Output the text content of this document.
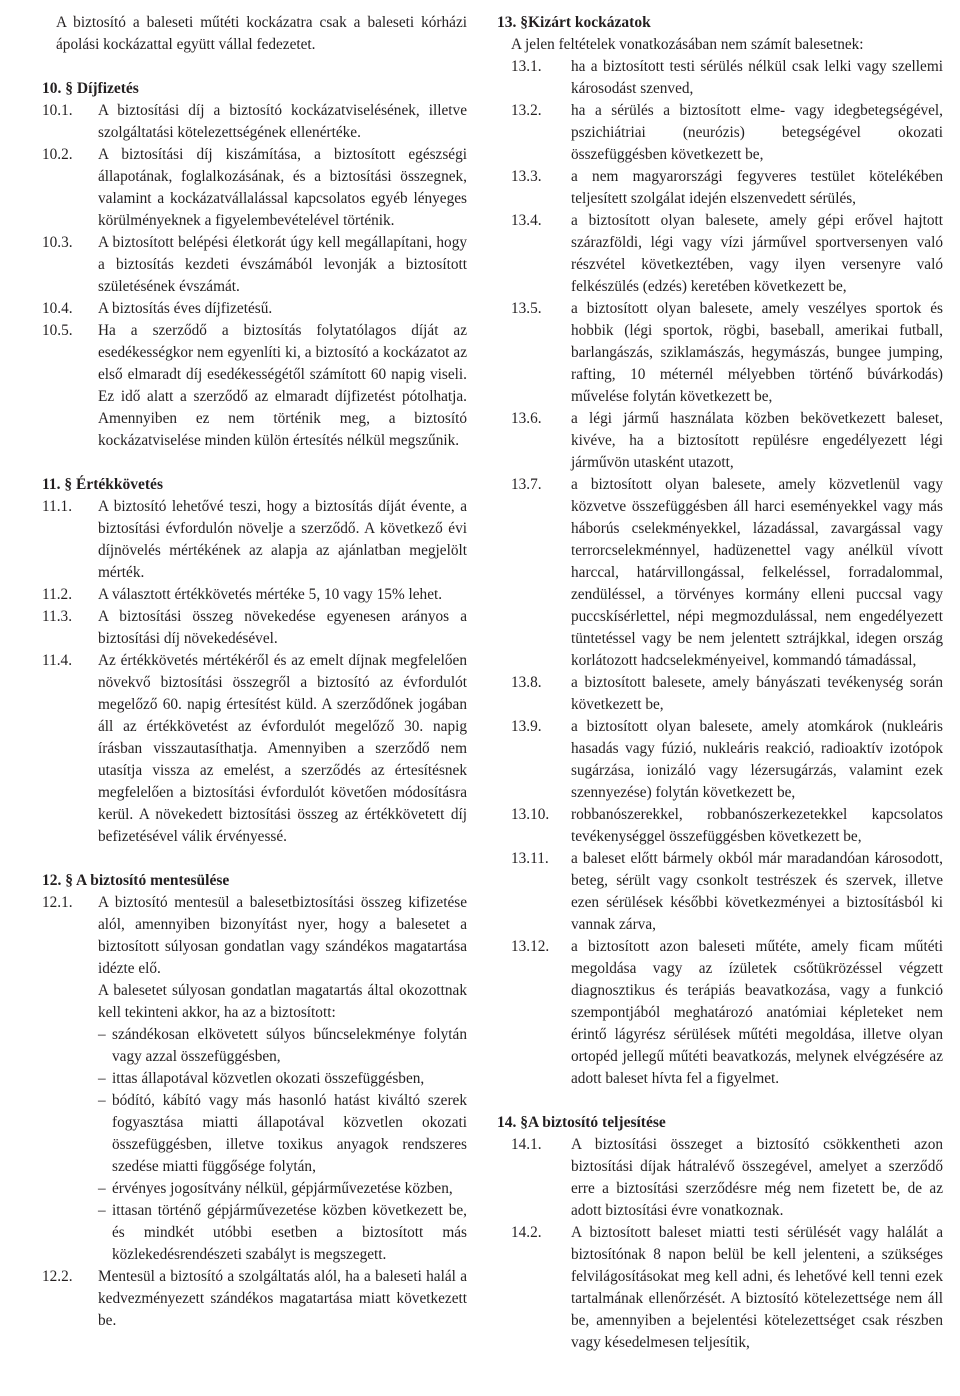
A biztosító a baleseti műtéti kockázatra csak a baleseti kórházi ápolási kockázattal együtt vállal fedezetet.

10. § Díjfizetés
10.1.	A biztosítási díj a biztosító kockázatviselésének, illetve szolgáltatási kötelezettségének ellenértéke.
10.2.	A biztosítási díj kiszámítása, a biztosított egészségi állapotának, foglalkozásának, és a biztosítási összegnek, valamint a kockázatvállalással kapcsolatos egyéb lényeges körülményeknek a figyelembevételével történik.
10.3.	A biztosított belépési életkorát úgy kell megállapítani, hogy a biztosítás kezdeti évszámából levonják a biztosított születésének évszámát.
10.4.	A biztosítás éves díjfizetésű.
10.5.	Ha a szerződő a biztosítás folytatólagos díját az esedékességkor nem egyenlíti ki, a biztosító a kockázatot az első elmaradt díj esedékességétől számított 60 napig viseli. Ez idő alatt a szerződő az elmaradt díjfizetést pótolhatja. Amennyiben ez nem történik meg, a biztosító kockázatviselése minden külön értesítés nélkül megszűnik.
11. § Értékkövetés
11.1.	A biztosító lehetővé teszi, hogy a biztosítás díját évente, a biztosítási évfordulón növelje a szerződő. A következő évi díjnövelés mértékének az alapja az ajánlatban megjelölt mérték.
11.2.	A választott értékkövetés mértéke 5, 10 vagy 15% lehet.
11.3.	A biztosítási összeg növekedése egyenesen arányos a biztosítási díj növekedésével.
11.4.	Az értékkövetés mértékéről és az emelt díjnak megfelelően növekvő biztosítási összegről a biztosító az évfordulót megelőző 60. napig értesítést küld. A szerződőnek jogában áll az értékkövetést az évfordulót megelőző 30. napig írásban visszautasíthatja. Amennyiben a szerződő nem utasítja vissza az emelést, a szerződés az értesítésnek megfelelően a biztosítási évfordulót követően módosításra kerül. A növekedett biztosítási összeg az értékkövetett díj befizetésével válik érvényessé.
12. § A biztosító mentesülése
12.1.	A biztosító mentesül a balesetbiztosítási összeg kifizetése alól, amennyiben bizonyítást nyer, hogy a balesetet a biztosított súlyosan gondatlan vagy szándékos magatartása idézte elő.

A balesetet súlyosan gondatlan magatartás által okozottnak kell tekinteni akkor, ha az a biztosított:

– szándékosan elkövetett súlyos bűncselekménye folytán vagy azzal összefüggésben,
– ittas állapotával közvetlen okozati összefüggésben,
– bódító, kábító vagy más hasonló hatást kiváltó szerek fogyasztása miatti állapotával közvetlen okozati összefüggésben, illetve toxikus anyagok rendszeres szedése miatti függősége folytán,
– érvényes jogosítvány nélkül, gépjárművezetése közben,
– ittasan történő gépjárművezetése közben következett be, és mindkét utóbbi esetben a biztosított más közlekedésrendészeti szabályt is megszegett.
12.2.	Mentesül a biztosító a szolgáltatás alól, ha a baleseti halál a kedvezményezett szándékos magatartása miatt következett be.
13. §Kizárt kockázatok

A jelen feltételek vonatkozásában nem számít balesetnek:

13.1.	ha a biztosított testi sérülés nélkül csak lelki vagy szellemi károsodást szenved,
13.2.	ha a sérülés a biztosított elme- vagy idegbetegségével, pszichiátriai (neurózis) betegségével okozati összefüggésben következett be,
13.3.	a nem magyarországi fegyveres testület kötelékében teljesített szolgálat idején elszenvedett sérülés,
13.4.	a biztosított olyan balesete, amely gépi erővel hajtott szárazföldi, légi vagy vízi járművel sportversenyen való részvétel következtében, vagy ilyen versenyre való felkészülés (edzés) keretében következett be,
13.5.	a biztosított olyan balesete, amely veszélyes sportok és hobbik (légi sportok, rögbi, baseball, amerikai futball, barlangászás, sziklamászás, hegymászás, bungee jumping, rafting, 10 méternél mélyebben történő búvárkodás) művelése folytán következett be,
13.6.	a légi jármű használata közben bekövetkezett baleset, kivéve, ha a biztosított repülésre engedélyezett légi járművön utasként utazott,
13.7.	a biztosított olyan balesete, amely közvetlenül vagy közvetve összefüggésben áll harci eseményekkel vagy más háborús cselekményekkel, lázadással, zavargással vagy terrorcselekménnyel, hadüzenettel vagy anélkül vívott harccal, határvillongással, felkeléssel, forradalommal, zendüléssel, a törvényes kormány elleni puccsal vagy puccskísérlettel, népi megmozdulással, nem engedélyezett tüntetéssel vagy be nem jelentett sztrájkkal, idegen ország korlátozott hadcselekményeivel, kommandó támadással,
13.8.	a biztosított balesete, amely bányászati tevékenység során következett be,
13.9.	a biztosított olyan balesete, amely atomkárok (nukleáris hasadás vagy fúzió, nukleáris reakció, radioaktív izotópok sugárzása, ionizáló vagy lézersugárzás, valamint ezek szennyezése) folytán következett be,
13.10.	robbanószerekkel, robbanószerkezetekkel kapcsolatos tevékenységgel összefüggésben következett be,
13.11.	a baleset előtt bármely okból már maradandóan károsodott, beteg, sérült vagy csonkolt testrészek és szervek, illetve ezen sérülések későbbi következményei a biztosításból ki vannak zárva,
13.12.	a biztosított azon baleseti műtéte, amely ficam műtéti megoldása vagy az ízületek csőtükrözéssel végzett diagnosztikus és terápiás beavatkozása, vagy a funkció szempontjából meghatározó anatómiai képleteket nem érintő lágyrész sérülések műtéti megoldása, illetve olyan ortopéd jellegű műtéti beavatkozás, melynek elvégzésére az adott baleset hívta fel a figyelmet.
14. §A biztosító teljesítése
14.1.	A biztosítási összeget a biztosító csökkentheti azon biztosítási díjak hátralévő összegével, amelyet a szerződő erre a biztosítási szerződésre még nem fizetett be, de az adott biztosítási évre vonatkoznak.
14.2.	A biztosított baleset miatti testi sérülését vagy halálát a biztosítónak 8 napon belül be kell jelenteni, a szükséges felvilágosításokat meg kell adni, és lehetővé kell tenni ezek tartalmának ellenőrzését. A biztosító kötelezettsége nem áll be, amennyiben a bejelentési kötelezettséget csak részben vagy késedelmesen teljesítik,
